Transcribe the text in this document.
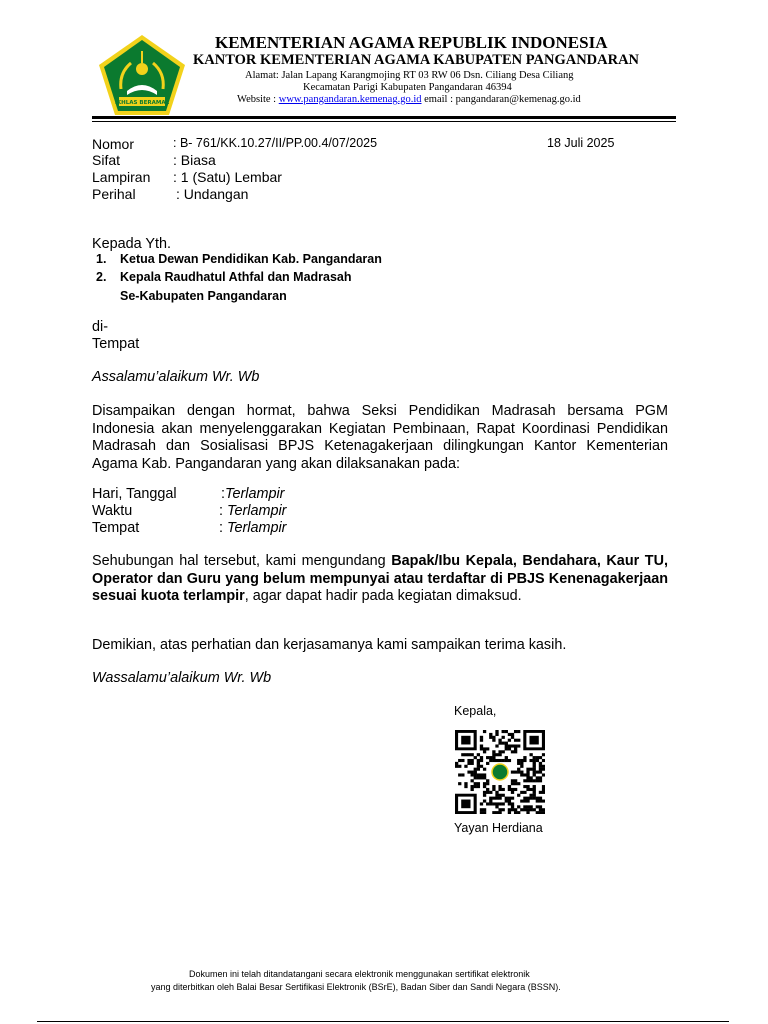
IKHLAS BERAMAL
KEMENTERIAN AGAMA REPUBLIK INDONESIA
KANTOR KEMENTERIAN AGAMA KABUPATEN PANGANDARAN
Alamat: Jalan Lapang Karangmojing RT 03 RW 06 Dsn. Ciliang Desa Ciliang
Kecamatan Parigi Kabupaten Pangandaran 46394
Website : www.pangandaran.kemenag.go.id email : pangandaran@kemenag.go.id
Nomor	: B- 761/KK.10.27/II/PP.00.4/07/2025	18 Juli 2025
Sifat	: Biasa
Lampiran : 1 (Satu) Lembar
Perihal	: Undangan
Kepada Yth.
1. Ketua Dewan Pendidikan Kab. Pangandaran
2. Kepala Raudhatul Athfal dan Madrasah
Se-Kabupaten Pangandaran
di-
Tempat
Assalamu’alaikum Wr. Wb
Disampaikan dengan hormat, bahwa Seksi Pendidikan Madrasah bersama PGM Indonesia akan menyelenggarakan Kegiatan Pembinaan, Rapat Koordinasi Pendidikan Madrasah dan Sosialisasi BPJS Ketenagakerjaan dilingkungan Kantor Kementerian Agama Kab. Pangandaran yang akan dilaksanakan pada:
Hari, Tanggal	:Terlampir
Waktu	: Terlampir
Tempat	: Terlampir
Sehubungan hal tersebut, kami mengundang Bapak/Ibu Kepala, Bendahara, Kaur TU, Operator dan Guru yang belum mempunyai atau terdaftar di PBJS Kenenagakerjaan sesuai kuota terlampir, agar dapat hadir pada kegiatan dimaksud.
Demikian, atas perhatian dan kerjasamanya kami sampaikan terima kasih.
Wassalamu’alaikum Wr. Wb
Kepala,
Yayan Herdiana
Dokumen ini telah ditandatangani secara elektronik menggunakan sertifikat elektronik
yang diterbitkan oleh Balai Besar Sertifikasi Elektronik (BSrE), Badan Siber dan Sandi Negara (BSSN).
